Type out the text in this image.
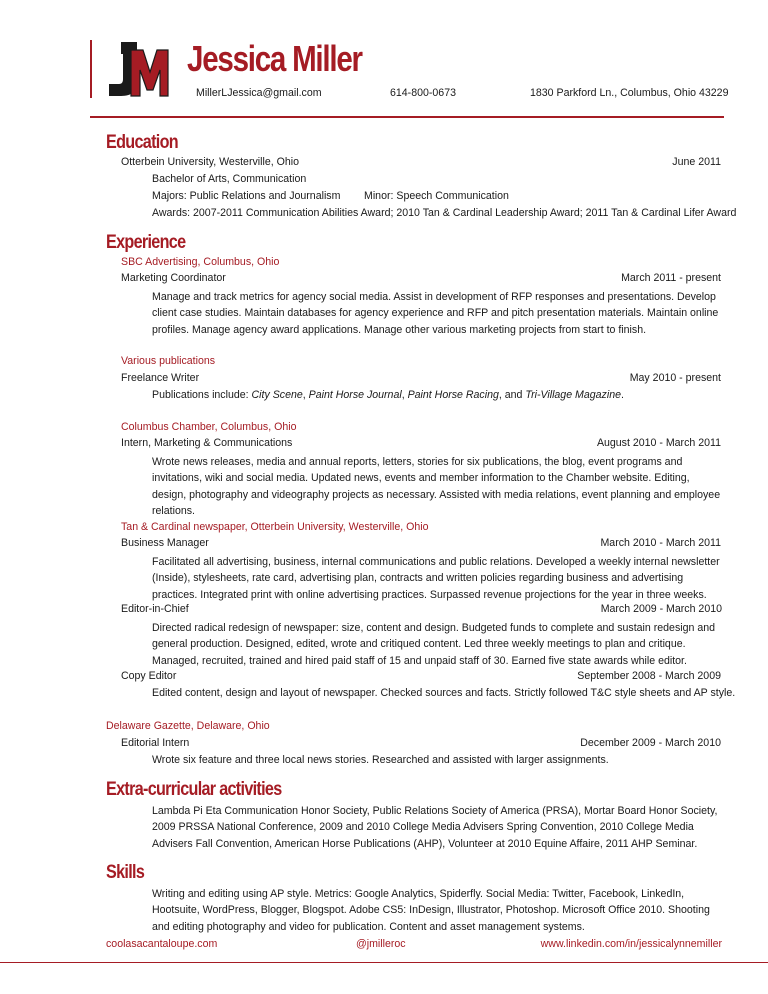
Jessica Miller
MillerLJessica@gmail.com	614-800-0673	1830 Parkford Ln., Columbus, Ohio 43229
Education
Otterbein University, Westerville, Ohio	June 2011
Bachelor of Arts, Communication
Majors: Public Relations and Journalism Minor: Speech Communication
Awards: 2007-2011 Communication Abilities Award; 2010 Tan & Cardinal Leadership Award; 2011 Tan & Cardinal Lifer Award
Experience
SBC Advertising, Columbus, Ohio
Marketing Coordinator	March 2011 - present
Manage and track metrics for agency social media. Assist in development of RFP responses and presentations. Develop client case studies. Maintain databases for agency experience and RFP and pitch presentation materials. Maintain online profiles. Manage agency award applications. Manage other various marketing projects from start to finish.
Various publications
Freelance Writer	May 2010 - present
Publications include: City Scene, Paint Horse Journal, Paint Horse Racing, and Tri-Village Magazine.
Columbus Chamber, Columbus, Ohio
Intern, Marketing & Communications	August 2010 - March 2011
Wrote news releases, media and annual reports, letters, stories for six publications, the blog, event programs and invitations, wiki and social media. Updated news, events and member information to the Chamber website. Editing, design, photography and videography projects as necessary. Assisted with media relations, event planning and employee relations.
Tan & Cardinal newspaper, Otterbein University, Westerville, Ohio
Business Manager	March 2010 - March 2011
Facilitated all advertising, business, internal communications and public relations. Developed a weekly internal newsletter (Inside), stylesheets, rate card, advertising plan, contracts and written policies regarding business and advertising practices. Integrated print with online advertising practices. Surpassed revenue projections for the year in three weeks.
Editor-in-Chief	March 2009 - March 2010
Directed radical redesign of newspaper: size, content and design. Budgeted funds to complete and sustain redesign and general production. Designed, edited, wrote and critiqued content. Led three weekly meetings to plan and critique. Managed, recruited, trained and hired paid staff of 15 and unpaid staff of 30. Earned five state awards while editor.
Copy Editor	September 2008 - March 2009
Edited content, design and layout of newspaper. Checked sources and facts. Strictly followed T&C style sheets and AP style.
Delaware Gazette, Delaware, Ohio
Editorial Intern	December 2009 - March 2010
Wrote six feature and three local news stories. Researched and assisted with larger assignments.
Extra-curricular activities
Lambda Pi Eta Communication Honor Society, Public Relations Society of America (PRSA), Mortar Board Honor Society, 2009 PRSSA National Conference, 2009 and 2010 College Media Advisers Spring Convention, 2010 College Media Advisers Fall Convention, American Horse Publications (AHP), Volunteer at 2010 Equine Affaire, 2011 AHP Seminar.
Skills
Writing and editing using AP style. Metrics: Google Analytics, Spiderfly. Social Media: Twitter, Facebook, LinkedIn, Hootsuite, WordPress, Blogger, Blogspot. Adobe CS5: InDesign, Illustrator, Photoshop. Microsoft Office 2010. Shooting and editing photography and video for publication. Content and asset management systems.
coolasacantaloupe.com	@jmilleroc	www.linkedin.com/in/jessicalynnemiller
